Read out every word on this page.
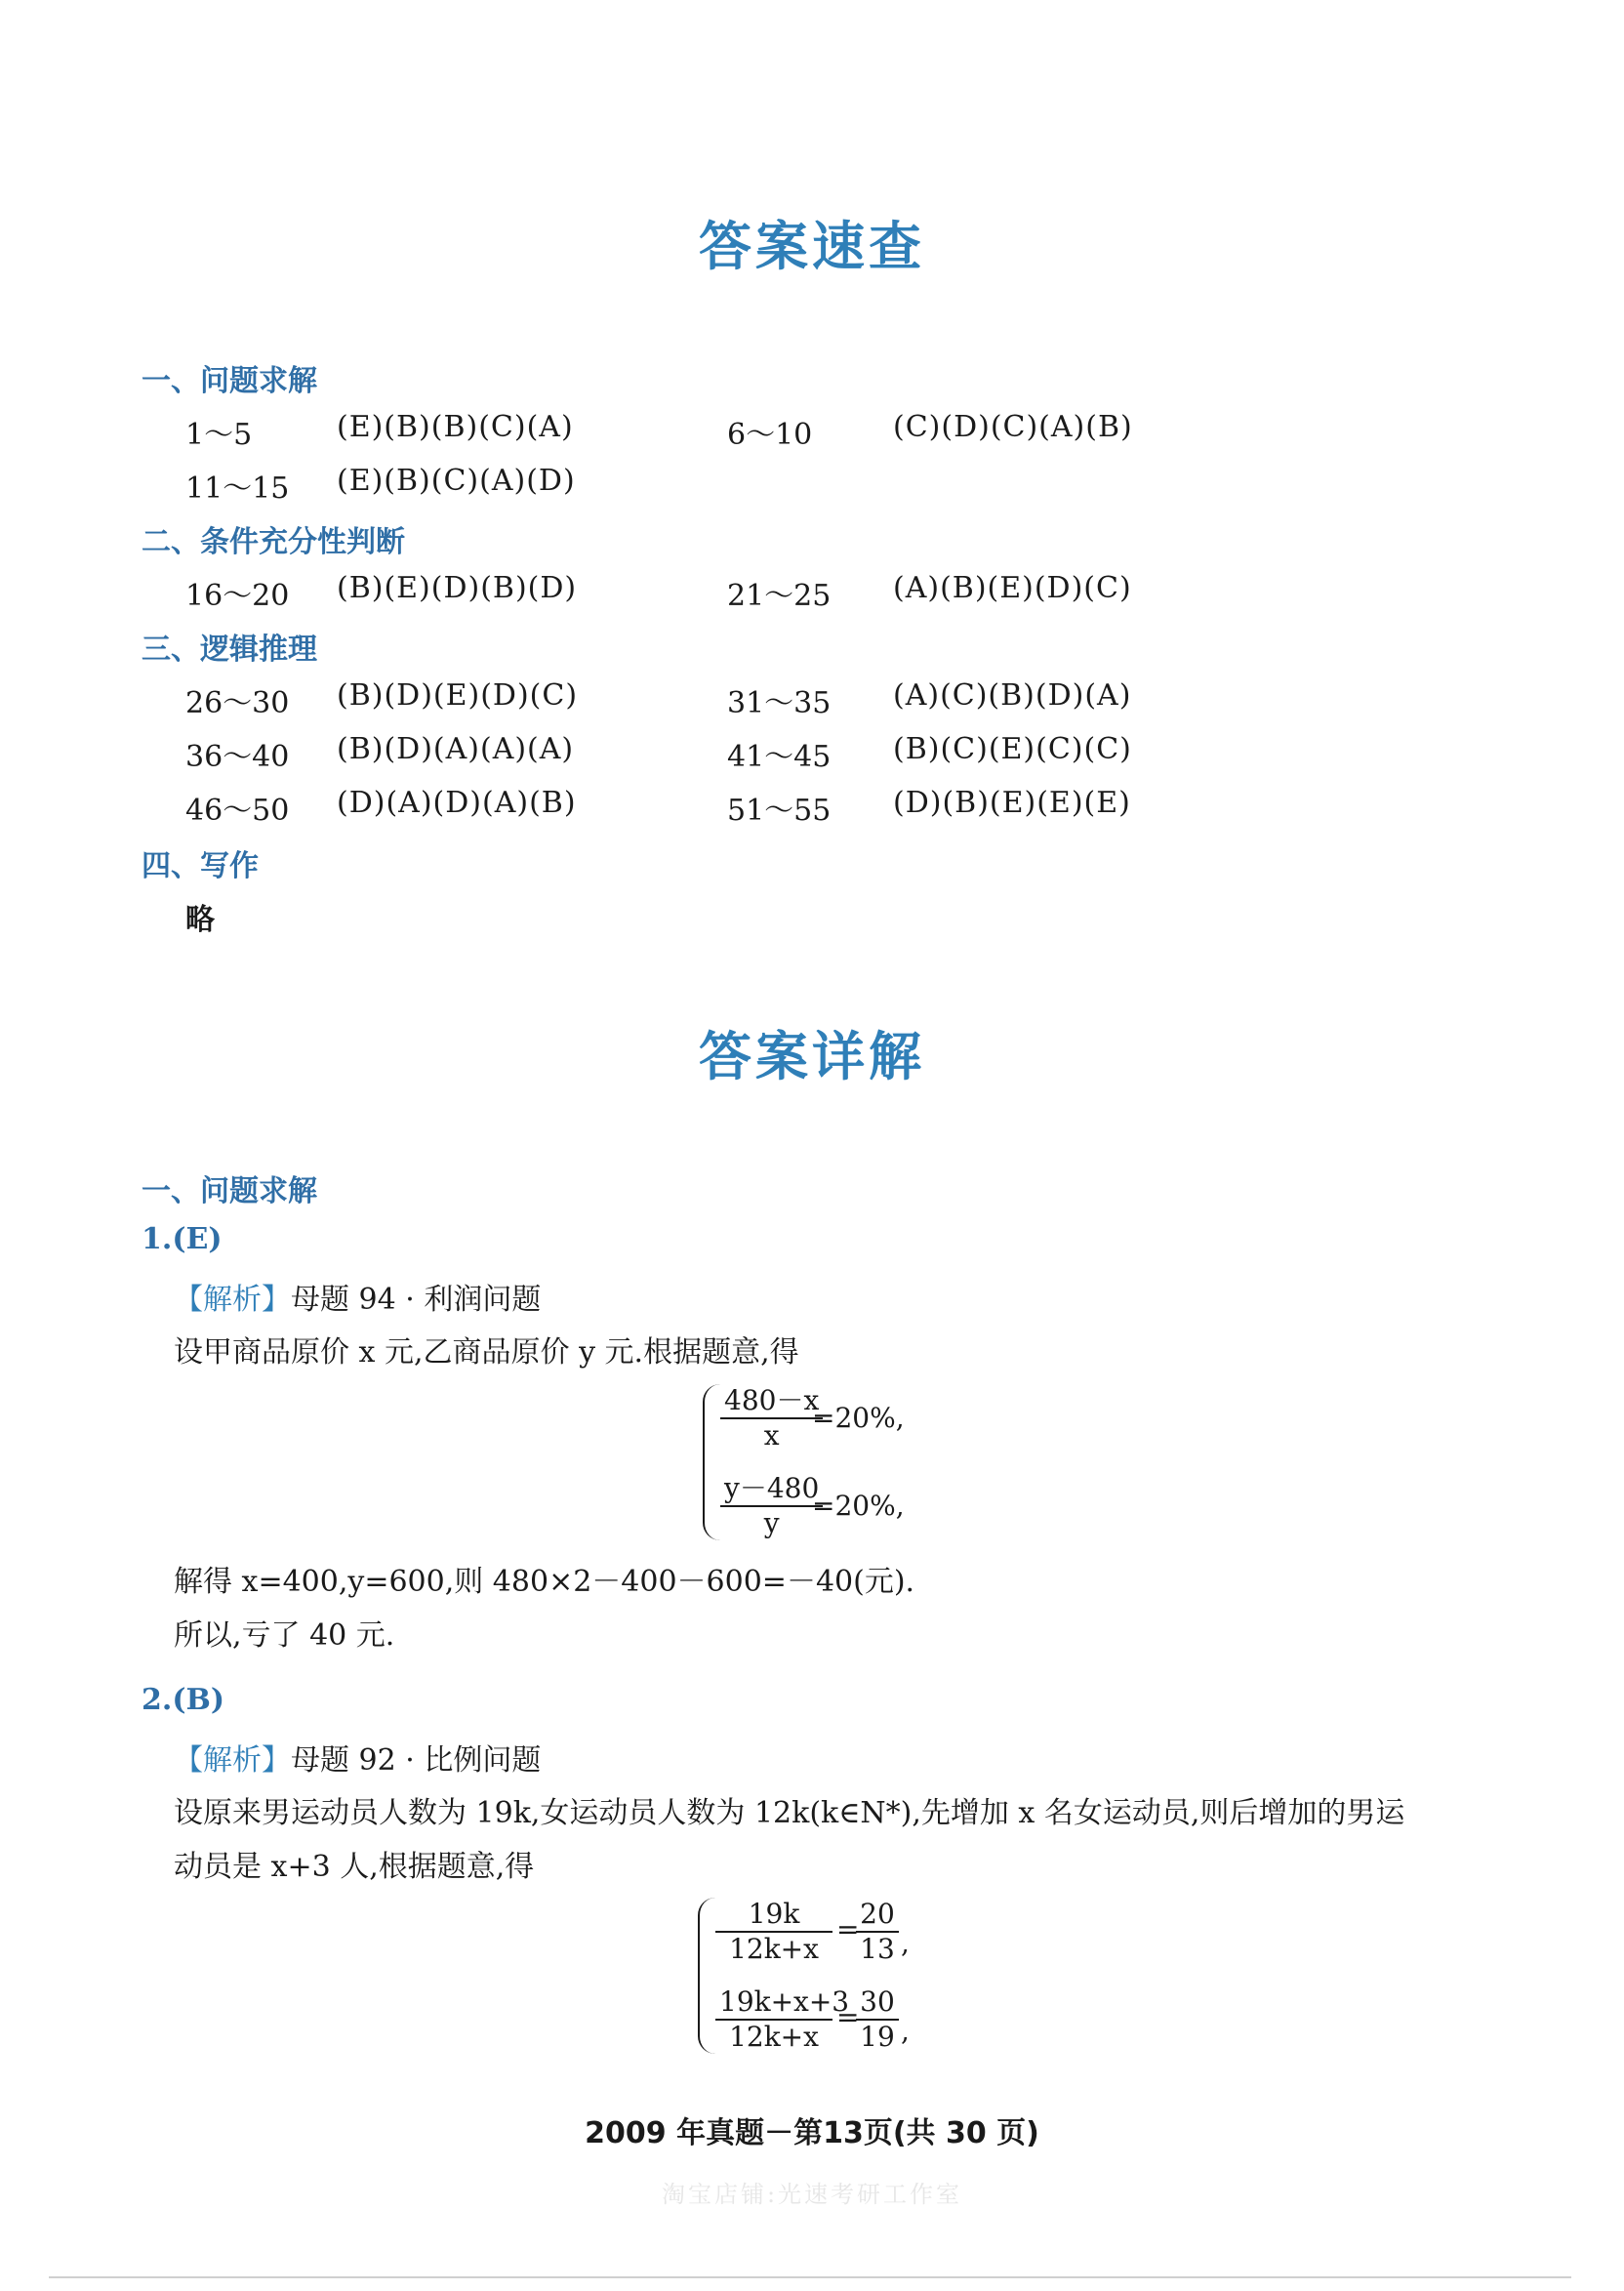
答案速查
一、问题求解
1～5	(E)(B)(B)(C)(A)	6～10	(C)(D)(C)(A)(B)
11～15 (E)(B)(C)(A)(D)
二、条件充分性判断
16～20 (B)(E)(D)(B)(D)	21～25 (A)(B)(E)(D)(C)
三、逻辑推理
26～30 (B)(D)(E)(D)(C)	31～35 (A)(C)(B)(D)(A)
36～40 (B)(D)(A)(A)(A)	41～45 (B)(C)(E)(C)(C)
46～50 (D)(A)(D)(A)(B)	51～55 (D)(B)(E)(E)(E)
四、写作
略
答案详解
一、问题求解
1.(E)
【解析】母题 94 · 利润问题
设甲商品原价 x 元,乙商品原价 y 元.根据题意,得
$\frac{480-x}{x}$
=20%,
$\frac{y-480}{y}$
=20%,
解得 x=400,y=600,则 480×2－400－600=－40(元).
所以,亏了 40 元.
2.(B)
【解析】母题 92 · 比例问题
设原来男运动员人数为 19k,女运动员人数为 12k(k∈N*),先增加 x 名女运动员,则后增加的男运
动员是 x+3 人,根据题意,得
$\frac{19k}{12k+x}$ =
$\frac{20}{13}$ ,
$\frac{19k+x+3}{12k+x}$ =
$\frac{30}{19}$ ,
2009 年真题－第13页(共 30 页)
淘宝店铺:光速考研工作室
